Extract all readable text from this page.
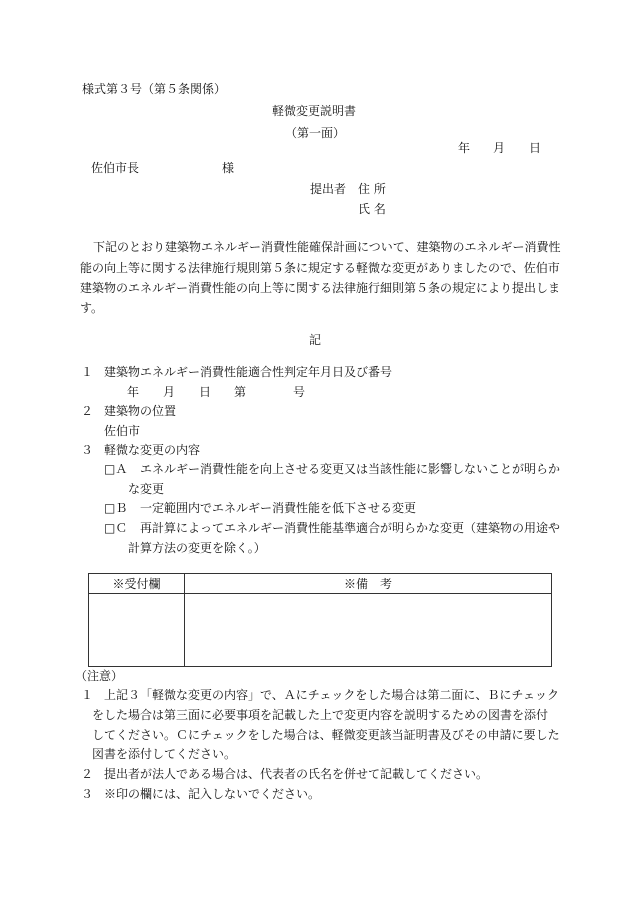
様式第３号（第５条関係）
軽微変更説明書
（第一面）
年 月 日
佐伯市長	様
提出者 住 所
氏 名
下記のとおり建築物エネルギー消費性能確保計画について、建築物のエネルギー消費性
能の向上等に関する法律施行規則第５条に規定する軽微な変更がありましたので、佐伯市
建築物のエネルギー消費性能の向上等に関する法律施行細則第５条の規定により提出しま
す。
記
１ 建築物エネルギー消費性能適合性判定年月日及び番号
年 月 日 第	号
２ 建築物の位置
佐伯市
３ 軽微な変更の内容
□Ａ エネルギー消費性能を向上させる変更又は当該性能に影響しないことが明らか
な変更
□Ｂ 一定範囲内でエネルギー消費性能を低下させる変更
□Ｃ 再計算によってエネルギー消費性能基準適合が明らかな変更（建築物の用途や
計算方法の変更を除く。）
※受付欄	※備　考

（注意）
１ 上記３「軽微な変更の内容」で、Ａにチェックをした場合は第二面に、Ｂにチェック
をした場合は第三面に必要事項を記載した上で変更内容を説明するための図書を添付
してください。Ｃにチェックをした場合は、軽微変更該当証明書及びその申請に要した
図書を添付してください。
２ 提出者が法人である場合は、代表者の氏名を併せて記載してください。
３ ※印の欄には、記入しないでください。
